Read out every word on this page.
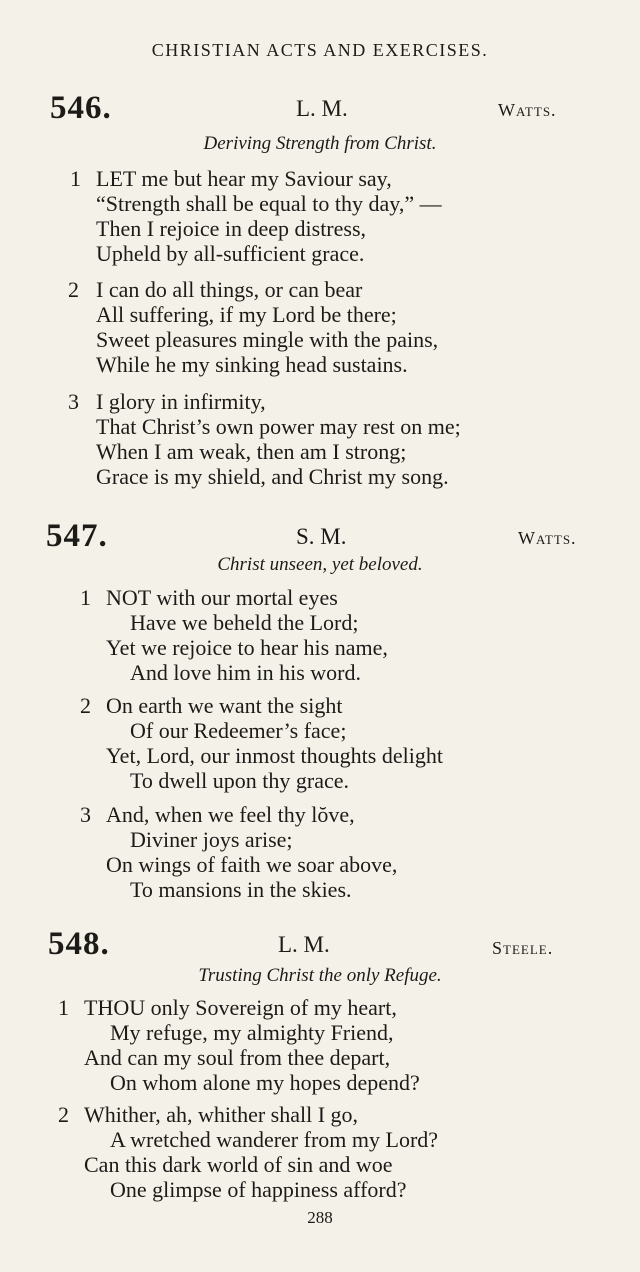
CHRISTIAN ACTS AND EXERCISES.
546.	L. M.	Watts.
Deriving Strength from Christ.
1 LET me but hear my Saviour say,
“Strength shall be equal to thy day,” —
Then I rejoice in deep distress,
Upheld by all-sufficient grace.
2 I can do all things, or can bear
All suffering, if my Lord be there;
Sweet pleasures mingle with the pains,
While he my sinking head sustains.
3 I glory in infirmity,
That Christ’s own power may rest on me;
When I am weak, then am I strong;
Grace is my shield, and Christ my song.
547.	S. M.	Watts.
Christ unseen, yet beloved.
1 NOT with our mortal eyes
Have we beheld the Lord;
Yet we rejoice to hear his name,
And love him in his word.
2 On earth we want the sight
Of our Redeemer’s face;
Yet, Lord, our inmost thoughts delight
To dwell upon thy grace.
3 And, when we feel thy lŏve,
Diviner joys arise;
On wings of faith we soar above,
To mansions in the skies.
548.	L. M.	Steele.
Trusting Christ the only Refuge.
1 THOU only Sovereign of my heart,
My refuge, my almighty Friend,
And can my soul from thee depart,
On whom alone my hopes depend?
2 Whither, ah, whither shall I go,
A wretched wanderer from my Lord?
Can this dark world of sin and woe
One glimpse of happiness afford?
288
